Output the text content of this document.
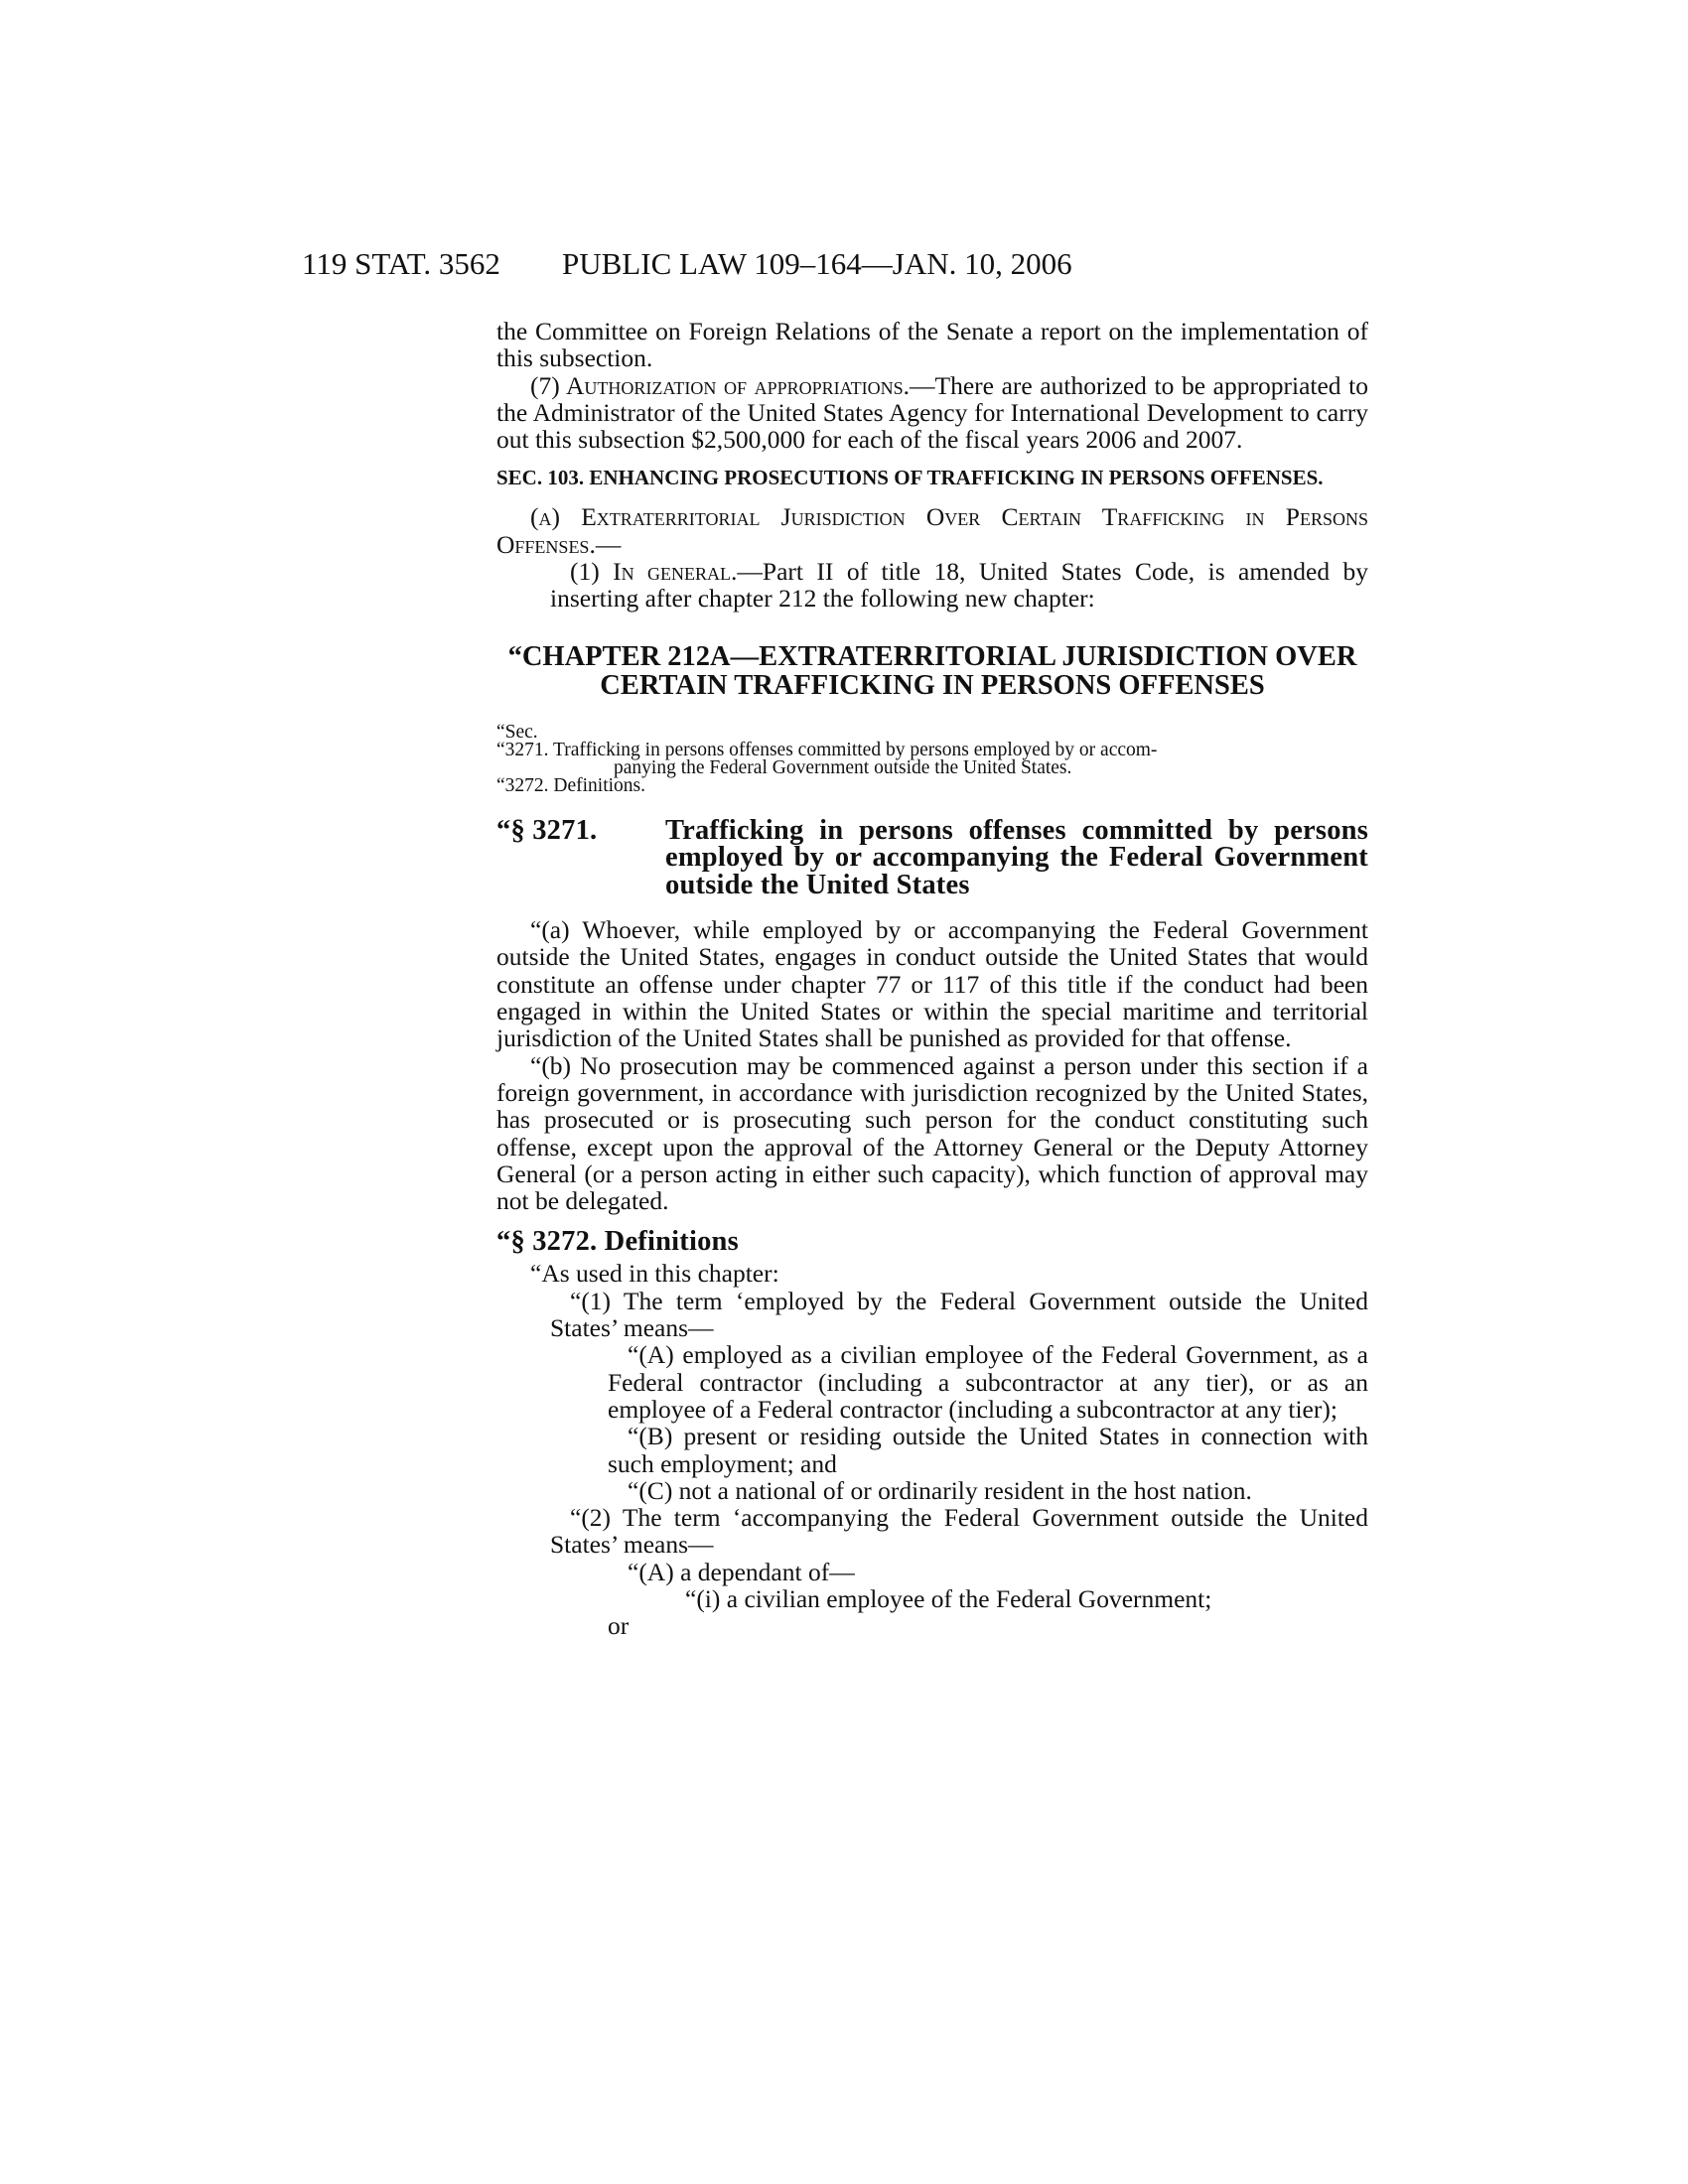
119 STAT. 3562 PUBLIC LAW 109–164—JAN. 10, 2006

the Committee on Foreign Relations of the Senate a report on the implementation of this subsection.

(7) Authorization of appropriations.—There are authorized to be appropriated to the Administrator of the United States Agency for International Development to carry out this subsection $2,500,000 for each of the fiscal years 2006 and 2007.

SEC. 103. ENHANCING PROSECUTIONS OF TRAFFICKING IN PERSONS OFFENSES.

(a) Extraterritorial Jurisdiction Over Certain Trafficking in Persons Offenses.—

(1) In general.—Part II of title 18, United States Code, is amended by inserting after chapter 212 the following new chapter:

“CHAPTER 212A—EXTRATERRITORIAL JURISDICTION OVER CERTAIN TRAFFICKING IN PERSONS OFFENSES

“Sec.

“3271. Trafficking in persons offenses committed by persons employed by or accom-

panying the Federal Government outside the United States.

“3272. Definitions.

“§ 3271. Trafficking in persons offenses committed by persons employed by or accompanying the Federal Government outside the United States

“(a) Whoever, while employed by or accompanying the Federal Government outside the United States, engages in conduct outside the United States that would constitute an offense under chapter 77 or 117 of this title if the conduct had been engaged in within the United States or within the special maritime and territorial jurisdiction of the United States shall be punished as provided for that offense.

“(b) No prosecution may be commenced against a person under this section if a foreign government, in accordance with jurisdiction recognized by the United States, has prosecuted or is prosecuting such person for the conduct constituting such offense, except upon the approval of the Attorney General or the Deputy Attorney General (or a person acting in either such capacity), which function of approval may not be delegated.

“§ 3272. Definitions

“As used in this chapter:

“(1) The term ‘employed by the Federal Government outside the United States’ means—

“(A) employed as a civilian employee of the Federal Government, as a Federal contractor (including a subcontractor at any tier), or as an employee of a Federal contractor (including a subcontractor at any tier);

“(B) present or residing outside the United States in connection with such employment; and

“(C) not a national of or ordinarily resident in the host nation.

“(2) The term ‘accompanying the Federal Government outside the United States’ means—

“(A) a dependant of—

“(i) a civilian employee of the Federal Government;

or
